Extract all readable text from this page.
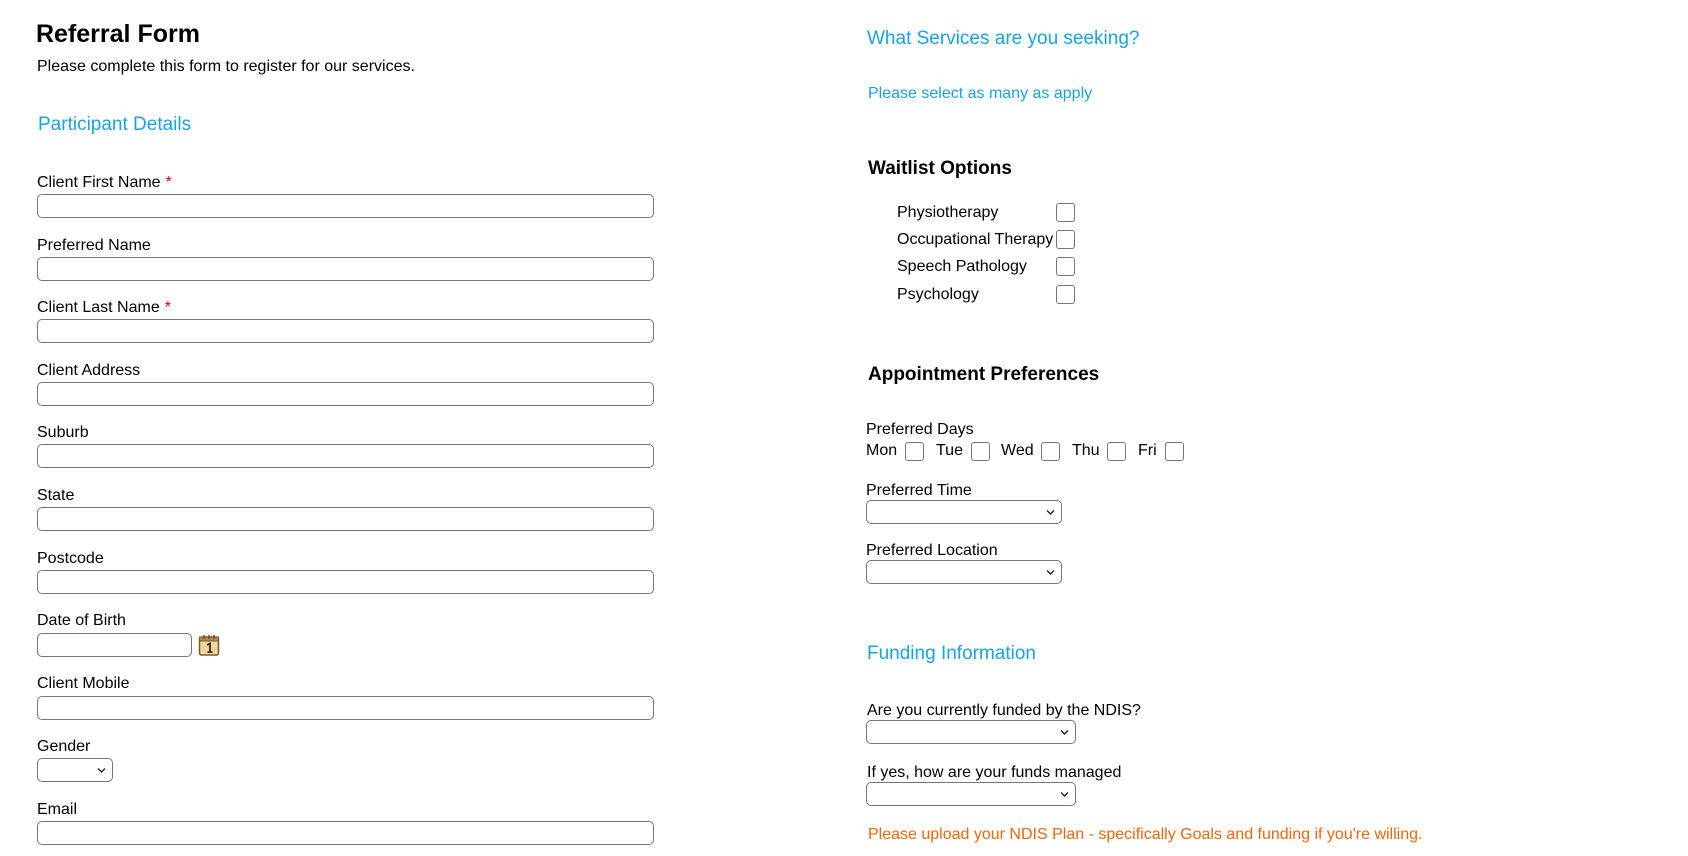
Referral Form
Please complete this form to register for our services.
Participant Details
Client First Name *
Preferred Name
Client Last Name *
Client Address
Suburb
State
Postcode
Date of Birth
Client Mobile
Gender
Email
What Services are you seeking?
Please select as many as apply
Waitlist Options
Physiotherapy
Occupational Therapy
Speech Pathology
Psychology
Appointment Preferences
Preferred Days
Mon Tue Wed Thu Fri
Preferred Time
Preferred Location
Funding Information
Are you currently funded by the NDIS?
If yes, how are your funds managed
Please upload your NDIS Plan - specifically Goals and funding if you're willing.
